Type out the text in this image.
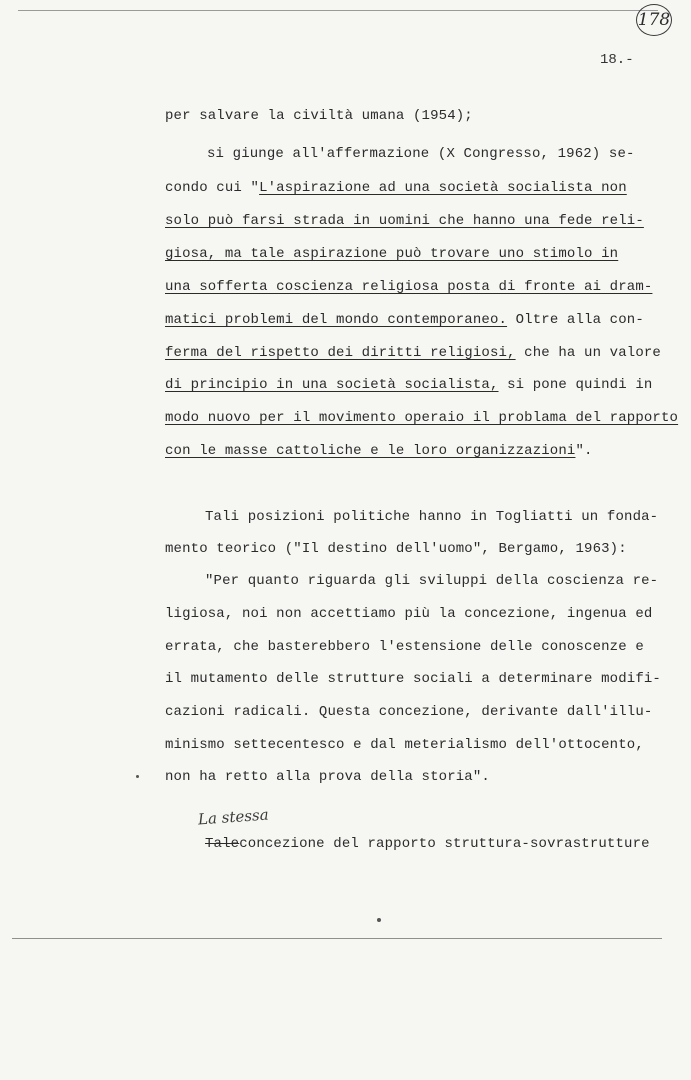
178
18.-
per salvare la civiltà umana (1954);
si giunge all'affermazione (X Congresso, 1962) se-
condo cui "L'aspirazione ad una società socialista non
solo può farsi strada in uomini che hanno una fede reli-
giosa, ma tale aspirazione può trovare uno stimolo in
una sofferta coscienza religiosa posta di fronte ai dram-
matici problemi del mondo contemporaneo. Oltre alla con-
ferma del rispetto dei diritti religiosi, che ha un valore
di principio in una società socialista, si pone quindi in
modo nuovo per il movimento operaio il problama del rapporto
con le masse cattoliche e le loro organizzazioni".
Tali posizioni politiche hanno in Togliatti un fonda-
mento teorico ("Il destino dell'uomo", Bergamo, 1963):
"Per quanto riguarda gli sviluppi della coscienza re-
ligiosa, noi non accettiamo più la concezione, ingenua ed
errata, che basterebbero l'estensione delle conoscenze e
il mutamento delle strutture sociali a determinare modifi-
cazioni radicali. Questa concezione, derivante dall'illu-
minismo settecentesco e dal meterialismo dell'ottocento,
non ha retto alla prova della storia".
La stessa
Taleconcezione del rapporto struttura-sovrastrutture
